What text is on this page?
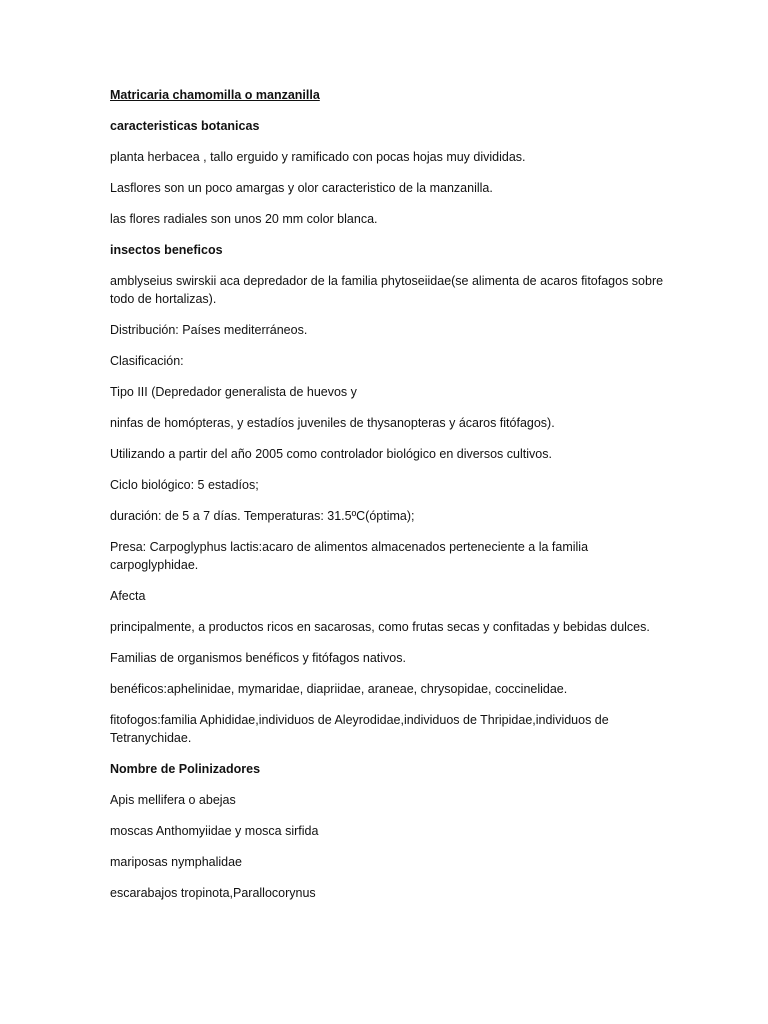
Matricaria chamomilla o manzanilla

caracteristicas botanicas

planta herbacea , tallo erguido y ramificado con pocas hojas muy divididas.

Lasflores son un poco amargas y olor caracteristico de la manzanilla.

las flores radiales son unos 20 mm color blanca.

insectos beneficos

amblyseius swirskii aca depredador de la familia phytoseiidae(se alimenta de acaros fitofagos sobre todo de hortalizas).

Distribución: Países mediterráneos.

Clasificación:

Tipo III (Depredador generalista de huevos y

ninfas de homópteras, y estadíos juveniles de thysanopteras y ácaros fitófagos).

Utilizando a partir del año 2005 como controlador biológico en diversos cultivos.

Ciclo biológico: 5 estadíos;

duración: de 5 a 7 días. Temperaturas: 31.5ºC(óptima);

Presa: Carpoglyphus lactis:acaro de alimentos almacenados perteneciente a la familia carpoglyphidae.

Afecta

principalmente, a productos ricos en sacarosas, como frutas secas y confitadas y bebidas dulces.

Familias de organismos benéficos y fitófagos nativos.

benéficos:aphelinidae, mymaridae, diapriidae, araneae, chrysopidae, coccinelidae.

fitofogos:familia Aphididae,individuos de Aleyrodidae,individuos de Thripidae,individuos de Tetranychidae.

Nombre de Polinizadores

Apis mellifera o abejas

moscas Anthomyiidae y mosca sirfida

mariposas nymphalidae

escarabajos tropinota,Parallocorynus
